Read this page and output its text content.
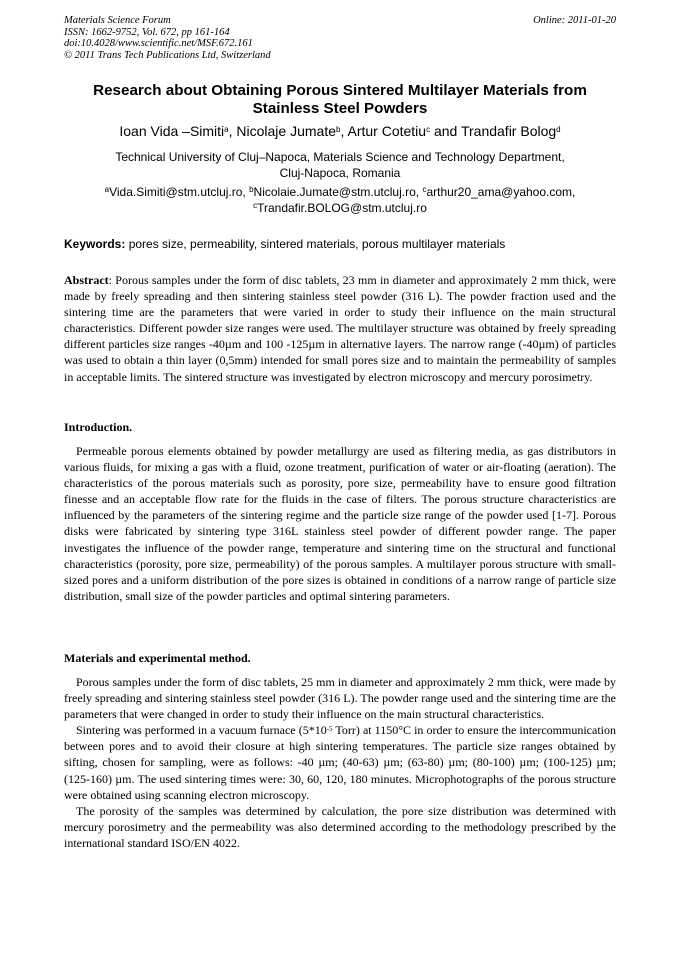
Materials Science Forum
ISSN: 1662-9752, Vol. 672, pp 161-164
doi:10.4028/www.scientific.net/MSF.672.161
© 2011 Trans Tech Publications Ltd, Switzerland
Online: 2011-01-20
Research about Obtaining Porous Sintered Multilayer Materials from
Stainless Steel Powders
Ioan Vida –Simiti$^a$, Nicolaje Jumate$^b$, Artur Cotetiu$^c$ and Trandafir Bolog$^d$
Technical University of Cluj–Napoca, Materials Science and Technology Department,
Cluj-Napoca, Romania
$^a$Vida.Simiti@stm.utcluj.ro, $^b$Nicolaie.Jumate@stm.utcluj.ro, $^c$arthur20_ama@yahoo.com,
$^c$Trandafir.BOLOG@stm.utcluj.ro
Keywords: pores size, permeability, sintered materials, porous multilayer materials
Abstract: Porous samples under the form of disc tablets, 23 mm in diameter and approximately 2 mm thick, were made by freely spreading and then sintering stainless steel powder (316 L). The powder fraction used and the sintering time are the parameters that were varied in order to study their influence on the main structural characteristics. Different powder size ranges were used. The multilayer structure was obtained by freely spreading different particles size ranges -40µm and 100 -125µm in alternative layers. The narrow range (-40µm) of particles was used to obtain a thin layer (0,5mm) intended for small pores size and to maintain the permeability of samples in acceptable limits. The sintered structure was investigated by electron microscopy and mercury porosimetry.
Introduction.
Permeable porous elements obtained by powder metallurgy are used as filtering media, as gas distributors in various fluids, for mixing a gas with a fluid, ozone treatment, purification of water or air-floating (aeration). The characteristics of the porous materials such as porosity, pore size, permeability have to ensure good filtration finesse and an acceptable flow rate for the fluids in the case of filters. The porous structure characteristics are influenced by the parameters of the sintering regime and the particle size range of the powder used [1-7]. Porous disks were fabricated by sintering type 316L stainless steel powder of different powder range. The paper investigates the influence of the powder range, temperature and sintering time on the structural and functional characteristics (porosity, pore size, permeability) of the porous samples. A multilayer porous structure with small-sized pores and a uniform distribution of the pore sizes is obtained in conditions of a narrow range of particle size distribution, small size of the powder particles and optimal sintering parameters.
Materials and experimental method.
Porous samples under the form of disc tablets, 25 mm in diameter and approximately 2 mm thick, were made by freely spreading and sintering stainless steel powder (316 L). The powder range used and the sintering time are the parameters that were changed in order to study their influence on the main structural characteristics.
Sintering was performed in a vacuum furnace ($5*10^{-5}$ Torr) at 1150°C in order to ensure the intercommunication between pores and to avoid their closure at high sintering temperatures. The particle size ranges obtained by sifting, chosen for sampling, were as follows: -40 µm; (40-63) µm; (63-80) µm; (80-100) µm; (100-125) µm; (125-160) µm. The used sintering times were: 30, 60, 120, 180 minutes. Microphotographs of the porous structure were obtained using scanning electron microscopy.
The porosity of the samples was determined by calculation, the pore size distribution was determined with mercury porosimetry and the permeability was also determined according to the methodology prescribed by the international standard ISO/EN 4022.
